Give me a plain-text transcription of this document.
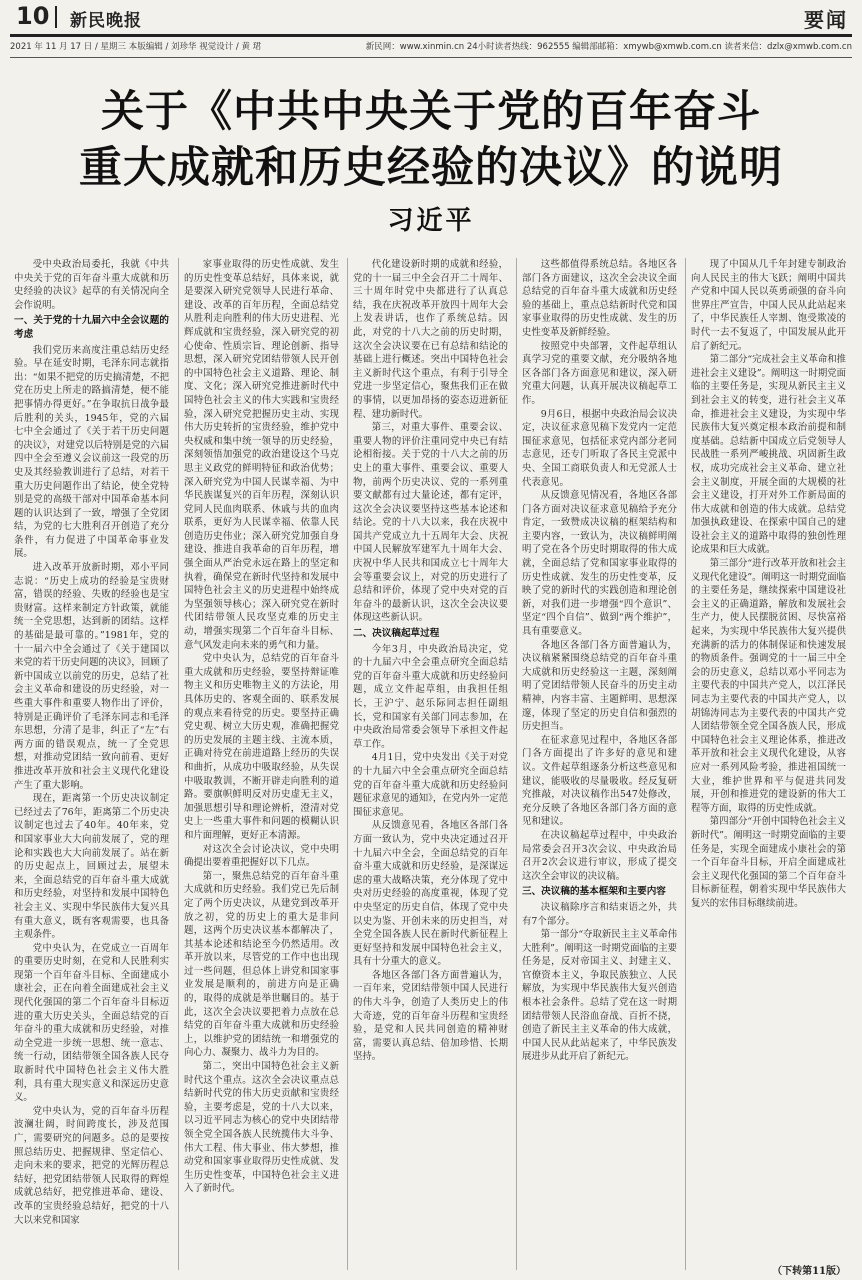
10 新民晚报	要闻
2021 年 11 月 17 日 / 星期三 本版编辑 / 刘珍华 视觉设计 / 黄 珺	新民网：www.xinmin.cn 24小时读者热线：962555 编辑部邮箱：xmywb@xmwb.com.cn 读者来信：dzlx@xmwb.com.cn
关于《中共中央关于党的百年奋斗
重大成就和历史经验的决议》的说明
习近平

受中央政治局委托，我就《中共中央关于党的百年奋斗重大成就和历史经验的决议》起草的有关情况向全会作说明。

一、关于党的十九届六中全会议题的考虑

我们党历来高度注重总结历史经验。早在延安时期，毛泽东同志就指出：“如果不把党的历史搞清楚，不把党在历史上所走的路搞清楚，便不能把事情办得更好。”在争取抗日战争最后胜利的关头，1945年，党的六届七中全会通过了《关于若干历史问题的决议》，对建党以后特别是党的六届四中全会至遵义会议前这一段党的历史及其经验教训进行了总结，对若干重大历史问题作出了结论，使全党特别是党的高级干部对中国革命基本问题的认识达到了一致，增强了全党团结，为党的七大胜利召开创造了充分条件，有力促进了中国革命事业发展。

进入改革开放新时期，邓小平同志说：“历史上成功的经验是宝贵财富，错误的经验、失败的经验也是宝贵财富。这样来制定方针政策，就能统一全党思想，达到新的团结。这样的基础是最可靠的。”1981年，党的十一届六中全会通过了《关于建国以来党的若干历史问题的决议》，回顾了新中国成立以前党的历史，总结了社会主义革命和建设的历史经验，对一些重大事件和重要人物作出了评价，特别是正确评价了毛泽东同志和毛泽东思想，分清了是非，纠正了“左”右两方面的错误观点，统一了全党思想，对推动党团结一致向前看、更好推进改革开放和社会主义现代化建设产生了重大影响。

现在，距离第一个历史决议制定已经过去了76年，距离第二个历史决议制定也过去了40年。40年来，党和国家事业大大向前发展了，党的理论和实践也大大向前发展了。站在新的历史起点上，回顾过去，展望未来，全面总结党的百年奋斗重大成就和历史经验，对坚持和发展中国特色社会主义、实现中华民族伟大复兴具有重大意义，既有客观需要，也具备主观条件。

党中央认为，在党成立一百周年的重要历史时刻，在党和人民胜利实现第一个百年奋斗目标、全面建成小康社会，正在向着全面建成社会主义现代化强国的第二个百年奋斗目标迈进的重大历史关头，全面总结党的百年奋斗的重大成就和历史经验，对推动全党进一步统一思想、统一意志、统一行动，团结带领全国各族人民夺取新时代中国特色社会主义伟大胜利，具有重大现实意义和深远历史意义。

党中央认为，党的百年奋斗历程波澜壮阔，时间跨度长，涉及范围广，需要研究的问题多。总的是要按照总结历史、把握规律、坚定信心、走向未来的要求，把党的光辉历程总结好，把党团结带领人民取得的辉煌成就总结好，把党推进革命、建设、改革的宝贵经验总结好，把党的十八大以来党和国家

家事业取得的历史性成就、发生的历史性变革总结好，具体来说，就是要深入研究党领导人民进行革命、建设、改革的百年历程，全面总结党从胜利走向胜利的伟大历史进程、光辉成就和宝贵经验，深入研究党的初心使命、性质宗旨、理论创新、指导思想，深入研究党团结带领人民开创的中国特色社会主义道路、理论、制度、文化；深入研究党推进新时代中国特色社会主义的伟大实践和宝贵经验，深入研究党把握历史主动、实现伟大历史转折的宝贵经验，维护党中央权威和集中统一领导的历史经验，深刻领悟加强党的政治建设这个马克思主义政党的鲜明特征和政治优势；深入研究党为中国人民谋幸福、为中华民族谋复兴的百年历程，深刻认识党同人民血肉联系、休戚与共的血肉联系，更好为人民谋幸福、依靠人民创造历史伟业；深入研究党加强自身建设、推进自我革命的百年历程，增强全面从严治党永远在路上的坚定和执着，确保党在新时代坚持和发展中国特色社会主义的历史进程中始终成为坚强领导核心；深入研究党在新时代团结带领人民攻坚克难的历史主动，增强实现第二个百年奋斗目标、意气风发走向未来的勇气和力量。

党中央认为，总结党的百年奋斗重大成就和历史经验，要坚持辩证唯物主义和历史唯物主义的方法论，用具体历史的、客观全面的、联系发展的观点来看待党的历史。要坚持正确党史观、树立大历史观，准确把握党的历史发展的主题主线、主流本质，正确对待党在前进道路上经历的失误和曲折，从成功中吸取经验，从失误中吸取教训，不断开辟走向胜利的道路。要旗帜鲜明反对历史虚无主义，加强思想引导和理论辨析，澄清对党史上一些重大事件和问题的模糊认识和片面理解，更好正本清源。

对这次全会讨论决议，党中央明确提出要着重把握好以下几点。

第一，聚焦总结党的百年奋斗重大成就和历史经验。我们党已先后制定了两个历史决议，从建党到改革开放之初，党的历史上的重大是非问题，这两个历史决议基本都解决了，其基本论述和结论至今仍然适用。改革开放以来，尽管党的工作中也出现过一些问题，但总体上讲党和国家事业发展是顺利的，前进方向是正确的，取得的成就是举世瞩目的。基于此，这次全会决议要把着力点放在总结党的百年奋斗重大成就和历史经验上，以维护党的团结统一和增强党的向心力、凝聚力、战斗力为目的。

第二，突出中国特色社会主义新时代这个重点。这次全会决议重点总结新时代党的伟大历史贡献和宝贵经验，主要考虑是，党的十八大以来，以习近平同志为核心的党中央团结带领全党全国各族人民统揽伟大斗争、伟大工程、伟大事业、伟大梦想，推动党和国家事业取得历史性成就、发生历史性变革，中国特色社会主义进入了新时代。

代化建设新时期的成就和经验，党的十一届三中全会召开二十周年、三十周年时党中央都进行了认真总结，我在庆祝改革开放四十周年大会上发表讲话，也作了系统总结。因此，对党的十八大之前的历史时期，这次全会决议要在已有总结和结论的基础上进行概述。突出中国特色社会主义新时代这个重点，有利于引导全党进一步坚定信心，聚焦我们正在做的事情，以更加昂扬的姿态迈进新征程、建功新时代。

第三，对重大事件、重要会议、重要人物的评价注重同党中央已有结论相衔接。关于党的十八大之前的历史上的重大事件、重要会议、重要人物，前两个历史决议、党的一系列重要文献都有过大量论述，都有定评，这次全会决议要坚持这些基本论述和结论。党的十八大以来，我在庆祝中国共产党成立九十五周年大会、庆祝中国人民解放军建军九十周年大会、庆祝中华人民共和国成立七十周年大会等重要会议上，对党的历史进行了总结和评价，体现了党中央对党的百年奋斗的最新认识，这次全会决议要体现这些新认识。

二、决议稿起草过程

今年3月，中央政治局决定，党的十九届六中全会重点研究全面总结党的百年奋斗重大成就和历史经验问题，成立文件起草组，由我担任组长，王沪宁、赵乐际同志担任副组长，党和国家有关部门同志参加，在中央政治局常委会领导下承担文件起草工作。

4月1日，党中央发出《关于对党的十九届六中全会重点研究全面总结党的百年奋斗重大成就和历史经验问题征求意见的通知》，在党内外一定范围征求意见。

从反馈意见看，各地区各部门各方面一致认为，党中央决定通过召开十九届六中全会，全面总结党的百年奋斗重大成就和历史经验，是深谋远虑的重大战略决策，充分体现了党中央对历史经验的高度重视，体现了党中央坚定的历史自信，体现了党中央以史为鉴、开创未来的历史担当，对全党全国各族人民在新时代新征程上更好坚持和发展中国特色社会主义，具有十分重大的意义。

各地区各部门各方面普遍认为，一百年来，党团结带领中国人民进行的伟大斗争，创造了人类历史上的伟大奇迹，党的百年奋斗历程和宝贵经验，是党和人民共同创造的精神财富，需要认真总结、倍加珍惜、长期坚持。

这些都值得系统总结。各地区各部门各方面建议，这次全会决议全面总结党的百年奋斗重大成就和历史经验的基础上，重点总结新时代党和国家事业取得的历史性成就、发生的历史性变革及新鲜经验。

按照党中央部署，文件起草组认真学习党的重要文献，充分吸纳各地区各部门各方面意见和建议，深入研究重大问题，认真开展决议稿起草工作。

9月6日，根据中央政治局会议决定，决议征求意见稿下发党内一定范围征求意见，包括征求党内部分老同志意见，还专门听取了各民主党派中央、全国工商联负责人和无党派人士代表意见。

从反馈意见情况看，各地区各部门各方面对决议征求意见稿给予充分肯定，一致赞成决议稿的框架结构和主要内容，一致认为，决议稿鲜明阐明了党在各个历史时期取得的伟大成就，全面总结了党和国家事业取得的历史性成就、发生的历史性变革，反映了党的新时代的实践创造和理论创新，对我们进一步增强“四个意识”、坚定“四个自信”、做到“两个维护”，具有重要意义。

各地区各部门各方面普遍认为，决议稿紧紧围绕总结党的百年奋斗重大成就和历史经验这一主题，深刻阐明了党团结带领人民奋斗的历史主动精神，内容丰富、主题鲜明、思想深邃，体现了坚定的历史自信和强烈的历史担当。

在征求意见过程中，各地区各部门各方面提出了许多好的意见和建议。文件起草组逐条分析这些意见和建议，能吸收的尽量吸收。经反复研究推敲，对决议稿作出547处修改，充分反映了各地区各部门各方面的意见和建议。

在决议稿起草过程中，中央政治局常委会召开3次会议、中央政治局召开2次会议进行审议，形成了提交这次全会审议的决议稿。

三、决议稿的基本框架和主要内容

决议稿除序言和结束语之外，共有7个部分。

第一部分“夺取新民主主义革命伟大胜利”。阐明这一时期党面临的主要任务是，反对帝国主义、封建主义、官僚资本主义，争取民族独立、人民解放，为实现中华民族伟大复兴创造根本社会条件。总结了党在这一时期团结带领人民浴血奋战、百折不挠，创造了新民主主义革命的伟大成就，中国人民从此站起来了，中华民族发展进步从此开启了新纪元。

现了中国从几千年封建专制政治向人民民主的伟大飞跃；阐明中国共产党和中国人民以英勇顽强的奋斗向世界庄严宣告，中国人民从此站起来了，中华民族任人宰割、饱受欺凌的时代一去不复返了，中国发展从此开启了新纪元。

第二部分“完成社会主义革命和推进社会主义建设”。阐明这一时期党面临的主要任务是，实现从新民主主义到社会主义的转变，进行社会主义革命，推进社会主义建设，为实现中华民族伟大复兴奠定根本政治前提和制度基础。总结新中国成立后党领导人民战胜一系列严峻挑战、巩固新生政权，成功完成社会主义革命、建立社会主义制度，开展全面的大规模的社会主义建设，打开对外工作新局面的伟大成就和创造的伟大成就。总结党加强执政建设、在探索中国自己的建设社会主义的道路中取得的独创性理论成果和巨大成就。

第三部分“进行改革开放和社会主义现代化建设”。阐明这一时期党面临的主要任务是，继续探索中国建设社会主义的正确道路，解放和发展社会生产力，使人民摆脱贫困、尽快富裕起来，为实现中华民族伟大复兴提供充满新的活力的体制保证和快速发展的物质条件。强调党的十一届三中全会的历史意义，总结以邓小平同志为主要代表的中国共产党人，以江泽民同志为主要代表的中国共产党人，以胡锦涛同志为主要代表的中国共产党人团结带领全党全国各族人民，形成中国特色社会主义理论体系，推进改革开放和社会主义现代化建设，从容应对一系列风险考验，推进祖国统一大业，维护世界和平与促进共同发展，开创和推进党的建设新的伟大工程等方面，取得的历史性成就。

第四部分“开创中国特色社会主义新时代”。阐明这一时期党面临的主要任务是，实现全面建成小康社会的第一个百年奋斗目标，开启全面建成社会主义现代化强国的第二个百年奋斗目标新征程，朝着实现中华民族伟大复兴的宏伟目标继续前进。

（下转第11版）
